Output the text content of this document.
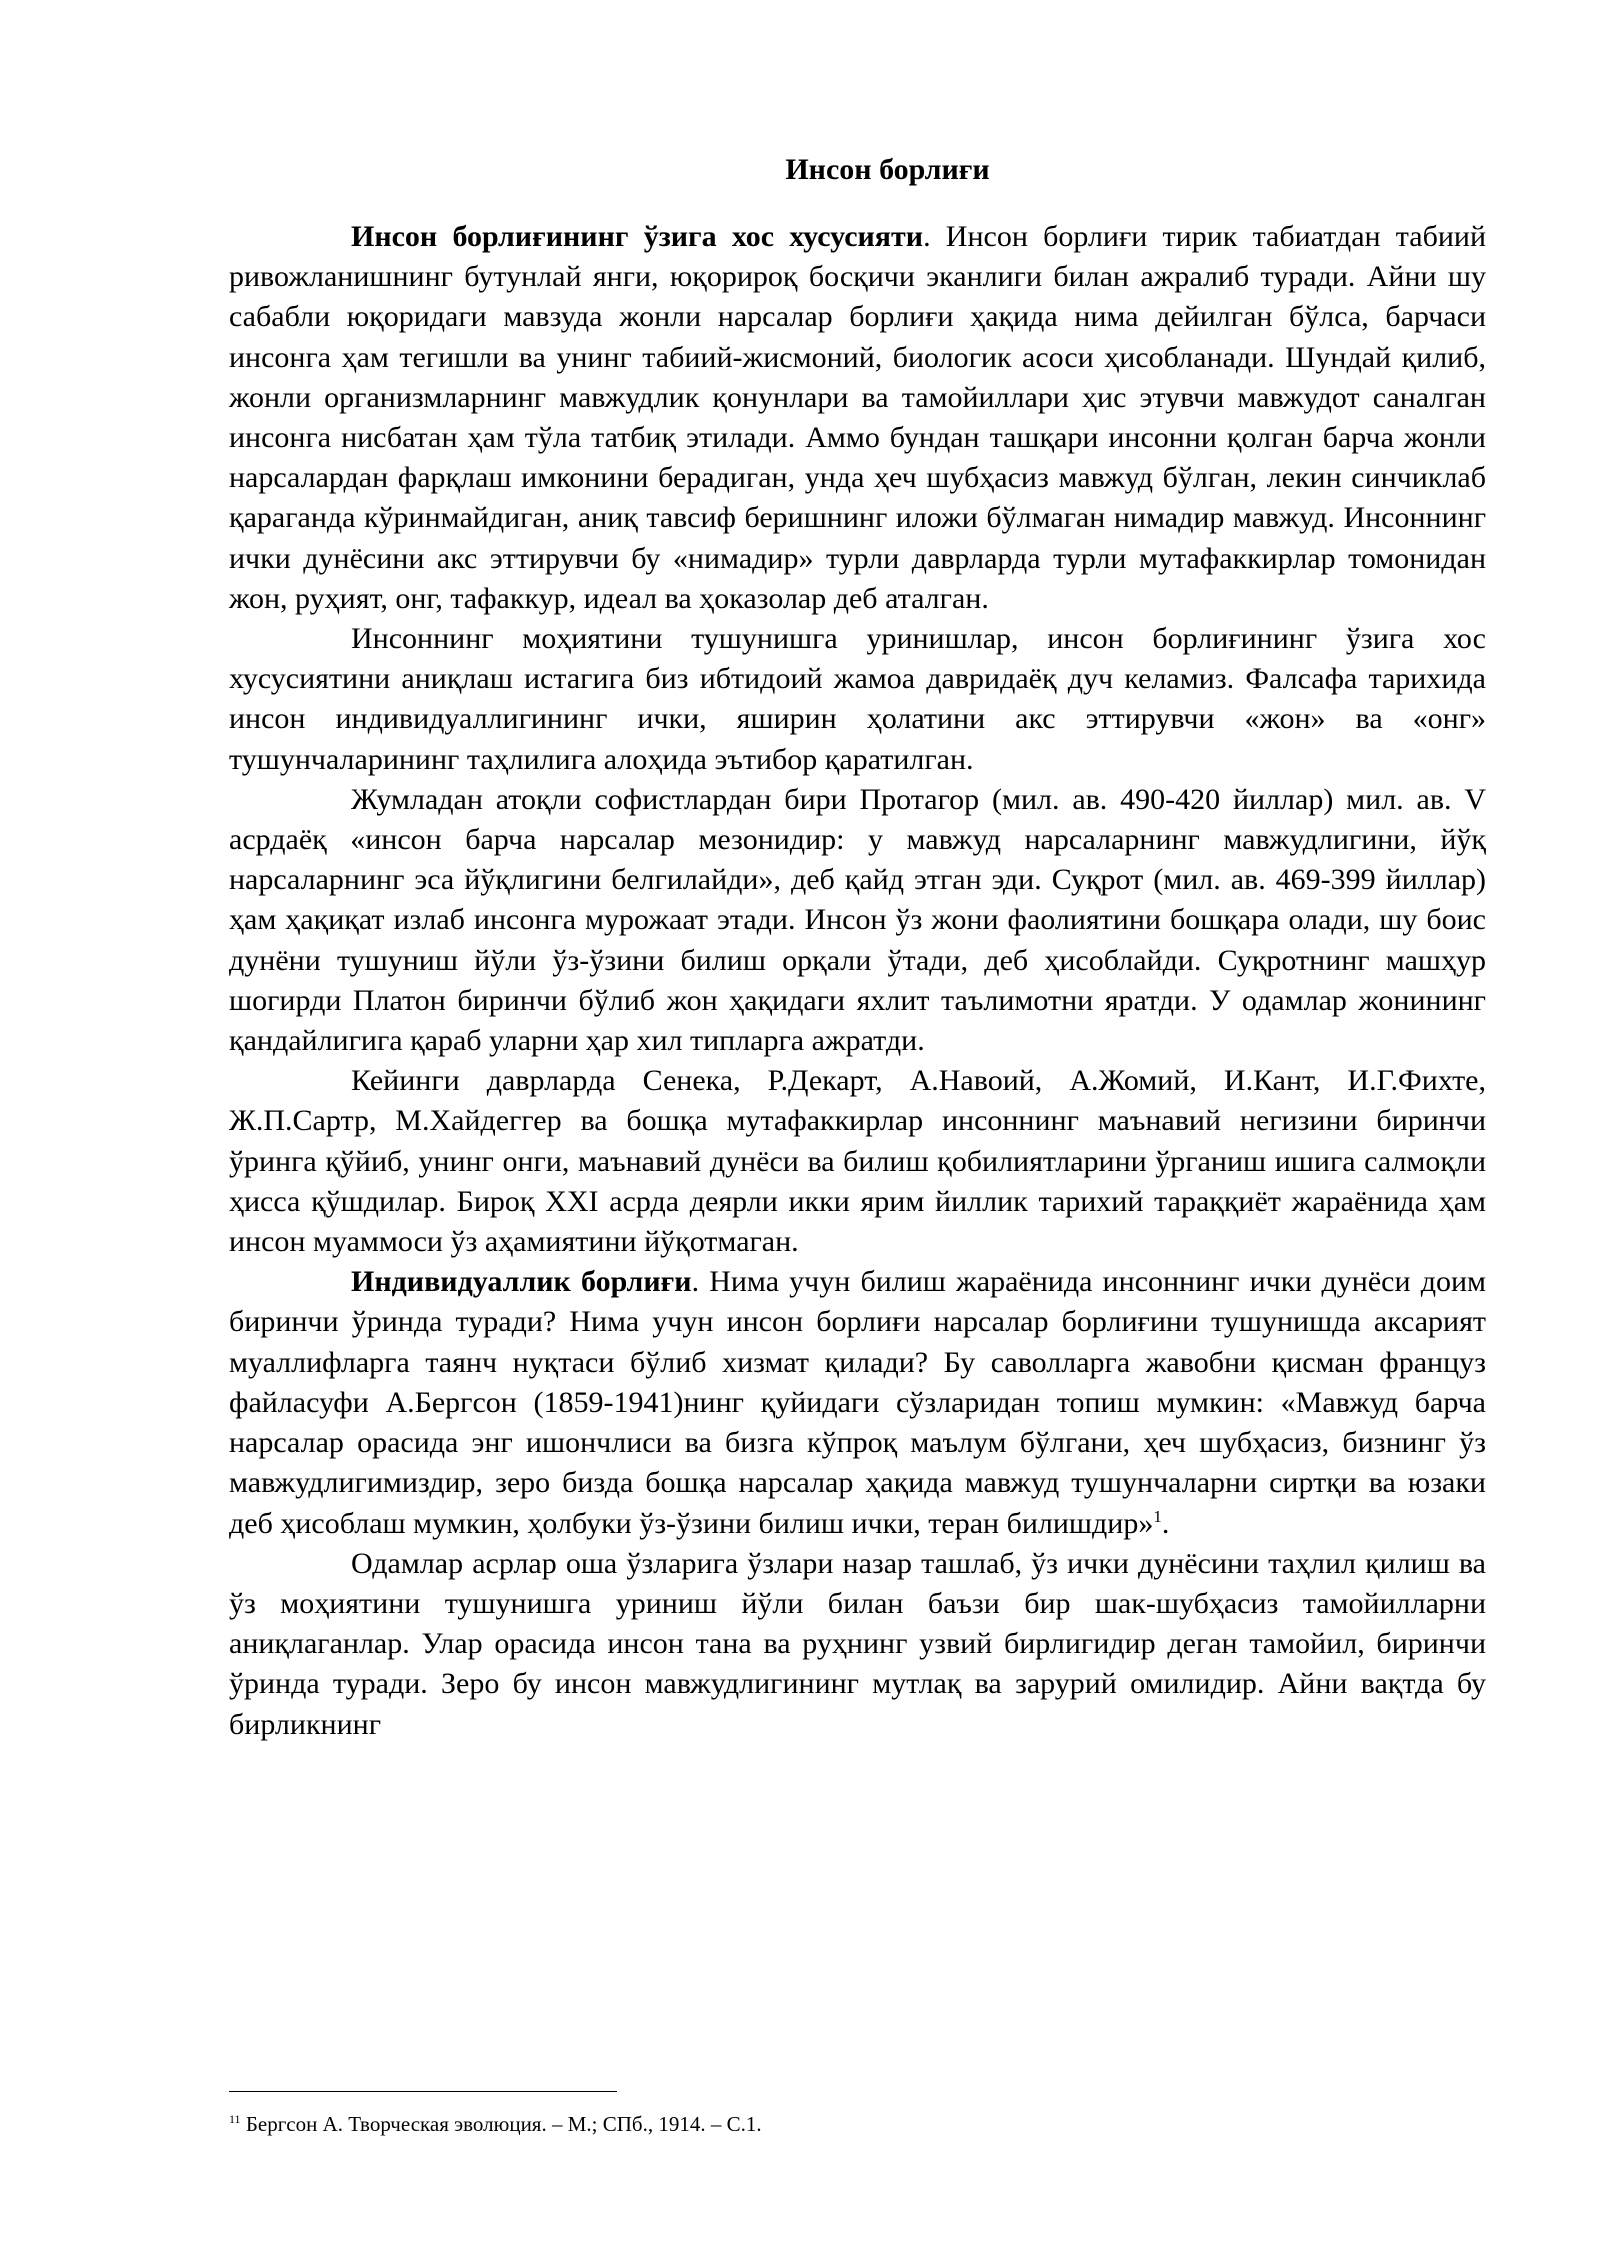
Инсон борлиғи

Инсон борлиғининг ўзига хос хусусияти. Инсон борлиғи тирик табиатдан табиий ривожланишнинг бутунлай янги, юқорироқ босқичи эканлиги билан ажралиб туради. Айни шу сабабли юқоридаги мавзуда жонли нарсалар борлиғи ҳақида нима дейилган бўлса, барчаси инсонга ҳам тегишли ва унинг табиий-жисмоний, биологик асоси ҳисобланади. Шундай қилиб, жонли организмларнинг мавжудлик қонунлари ва тамойиллари ҳис этувчи мавжудот саналган инсонга нисбатан ҳам тўла татбиқ этилади. Аммо бундан ташқари инсонни қолган барча жонли нарсалардан фарқлаш имконини берадиган, унда ҳеч шубҳасиз мавжуд бўлган, лекин синчиклаб қараганда кўринмайдиган, аниқ тавсиф беришнинг иложи бўлмаган нимадир мавжуд. Инсоннинг ички дунёсини акс эттирувчи бу «нимадир» турли даврларда турли мутафаккирлар томонидан жон, руҳият, онг, тафаккур, идеал ва ҳоказолар деб аталган.

Инсоннинг моҳиятини тушунишга уринишлар, инсон борлиғининг ўзига хос хусусиятини аниқлаш истагига биз ибтидоий жамоа давридаёқ дуч келамиз. Фалсафа тарихида инсон индивидуаллигининг ички, яширин ҳолатини акс эттирувчи «жон» ва «онг» тушунчаларининг таҳлилига алоҳида эътибор қаратилган.

Жумладан атоқли софистлардан бири Протагор (мил. ав. 490-420 йиллар) мил. ав. V асрдаёқ «инсон барча нарсалар мезонидир: у мавжуд нарсаларнинг мавжудлигини, йўқ нарсаларнинг эса йўқлигини белгилайди», деб қайд этган эди. Суқрот (мил. ав. 469-399 йиллар) ҳам ҳақиқат излаб инсонга мурожаат этади. Инсон ўз жони фаолиятини бошқара олади, шу боис дунёни тушуниш йўли ўз-ўзини билиш орқали ўтади, деб ҳисоблайди. Суқротнинг машҳур шогирди Платон биринчи бўлиб жон ҳақидаги яхлит таълимотни яратди. У одамлар жонининг қандайлигига қараб уларни ҳар хил типларга ажратди.

Кейинги даврларда Сенека, Р.Декарт, А.Навоий, А.Жомий, И.Кант, И.Г.Фихте, Ж.П.Сартр, М.Хайдеггер ва бошқа мутафаккирлар инсоннинг маънавий негизини биринчи ўринга қўйиб, унинг онги, маънавий дунёси ва билиш қобилиятларини ўрганиш ишига салмоқли ҳисса қўшдилар. Бироқ XXI асрда деярли икки ярим йиллик тарихий тараққиёт жараёнида ҳам инсон муаммоси ўз аҳамиятини йўқотмаган.

Индивидуаллик борлиғи. Нима учун билиш жараёнида инсоннинг ички дунёси доим биринчи ўринда туради? Нима учун инсон борлиғи нарсалар борлиғини тушунишда аксарият муаллифларга таянч нуқтаси бўлиб хизмат қилади? Бу саволларга жавобни қисман француз файласуфи А.Бергсон (1859-1941)нинг қуйидаги сўзларидан топиш мумкин: «Мавжуд барча нарсалар орасида энг ишончлиси ва бизга кўпроқ маълум бўлгани, ҳеч шубҳасиз, бизнинг ўз мавжудлигимиздир, зеро бизда бошқа нарсалар ҳақида мавжуд тушунчаларни сиртқи ва юзаки деб ҳисоблаш мумкин, ҳолбуки ўз-ўзини билиш ички, теран билишдир»$^1$.

Одамлар асрлар оша ўзларига ўзлари назар ташлаб, ўз ички дунёсини таҳлил қилиш ва ўз моҳиятини тушунишга уриниш йўли билан баъзи бир шак-шубҳасиз тамойилларни аниқлаганлар. Улар орасида инсон тана ва руҳнинг узвий бирлигидир деган тамойил, биринчи ўринда туради. Зеро бу инсон мавжудлигининг мутлақ ва зарурий омилидир. Айни вақтда бу бирликнинг

$^{11}$ Бергсон А. Творческая эволюция. – М.; СПб., 1914. – С.1.
